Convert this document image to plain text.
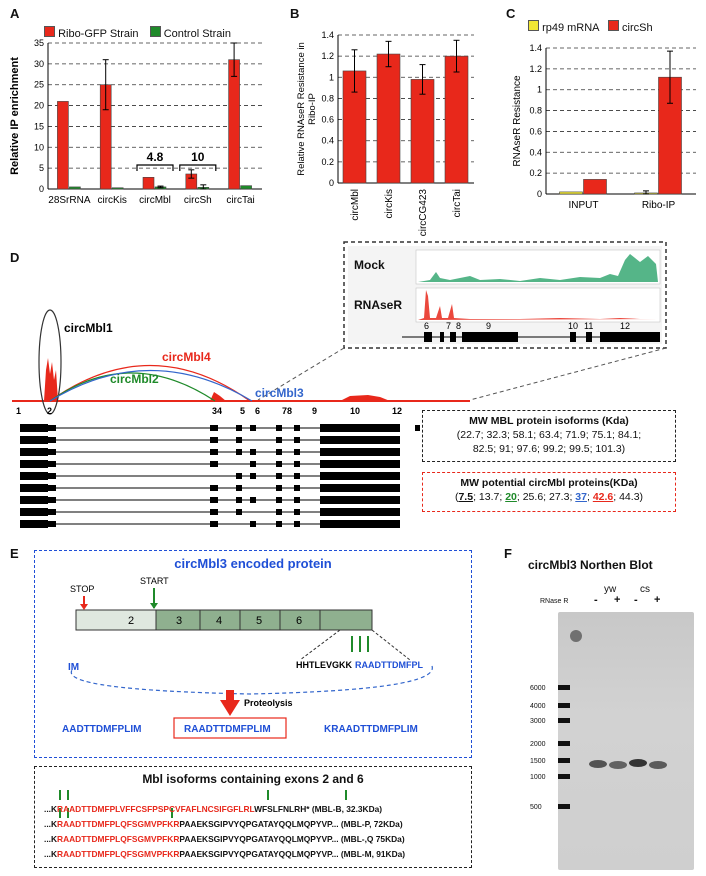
A
Ribo-GFP Strain Control Strain
0
5
10
15
20
25
30
35
Relative IP enrichment
28SrRNA circKis circMbl circSh circTai
4.8 10
B
0
0.2
0.4
0.6
0.8
1
1.2
1.4
Relative RNAseR Resistance inRibo-IP
circMbl circKis circCG423 circTai
C
rp49 mRNA circSh
0
0.2
0.4
0.6
0.8
1
1.2
1.4
RNAseR Resistance
INPUT	Ribo-IP
D
6 7 8	9	10 11	12
circMbl1
circMbl4
circMbl2
circMbl3
1	2	34 5 6 78 9	10	12
Mock
RNAseR
MW MBL protein isoforms (Kda)
(22.7; 32.3; 58.1; 63.4; 71.9; 75.1; 84.1;
82.5; 91; 97.6; 99.2; 99.5; 101.3)
MW potential circMbl proteins(KDa)
(7.5; 13.7; 20; 25.6; 27.3; 37; 42.6; 44.3)
E
circMbl3 encoded protein
2	3	4	5	6
STOP
START
HHTLEVGKK RAADTTDMFPL
IM
Proteolysis
AADTTDMFPLIM	RAADTTDMFPLIM	KRAADTTDMFPLIM
Mbl isoforms containing exons 2 and 6
...KRAADTTDMFPLVFFCSFPSPCVFAFLNCSIFGFLRLWFSLFNLRH* (MBL-B, 32.3KDa)
...KRAADTTDMFPLQFSGMVPFKRPAAEKSGIPVYQPGATAYQQLMQPYVP... (MBL-P, 72KDa)
...KRAADTTDMFPLQFSGMVPFKRPAAEKSGIPVYQPGATAYQQLMQPYVP... (MBL-,Q 75KDa)
...KRAADTTDMFPLQFSGMVPFKRPAAEKSGIPVYQPGATAYQQLMQPYVP... (MBL-M, 91KDa)
F
circMbl3 Northen Blot
yw cs
RNase R - + - +
6000
4000
3000
2000
1500
1000
500
